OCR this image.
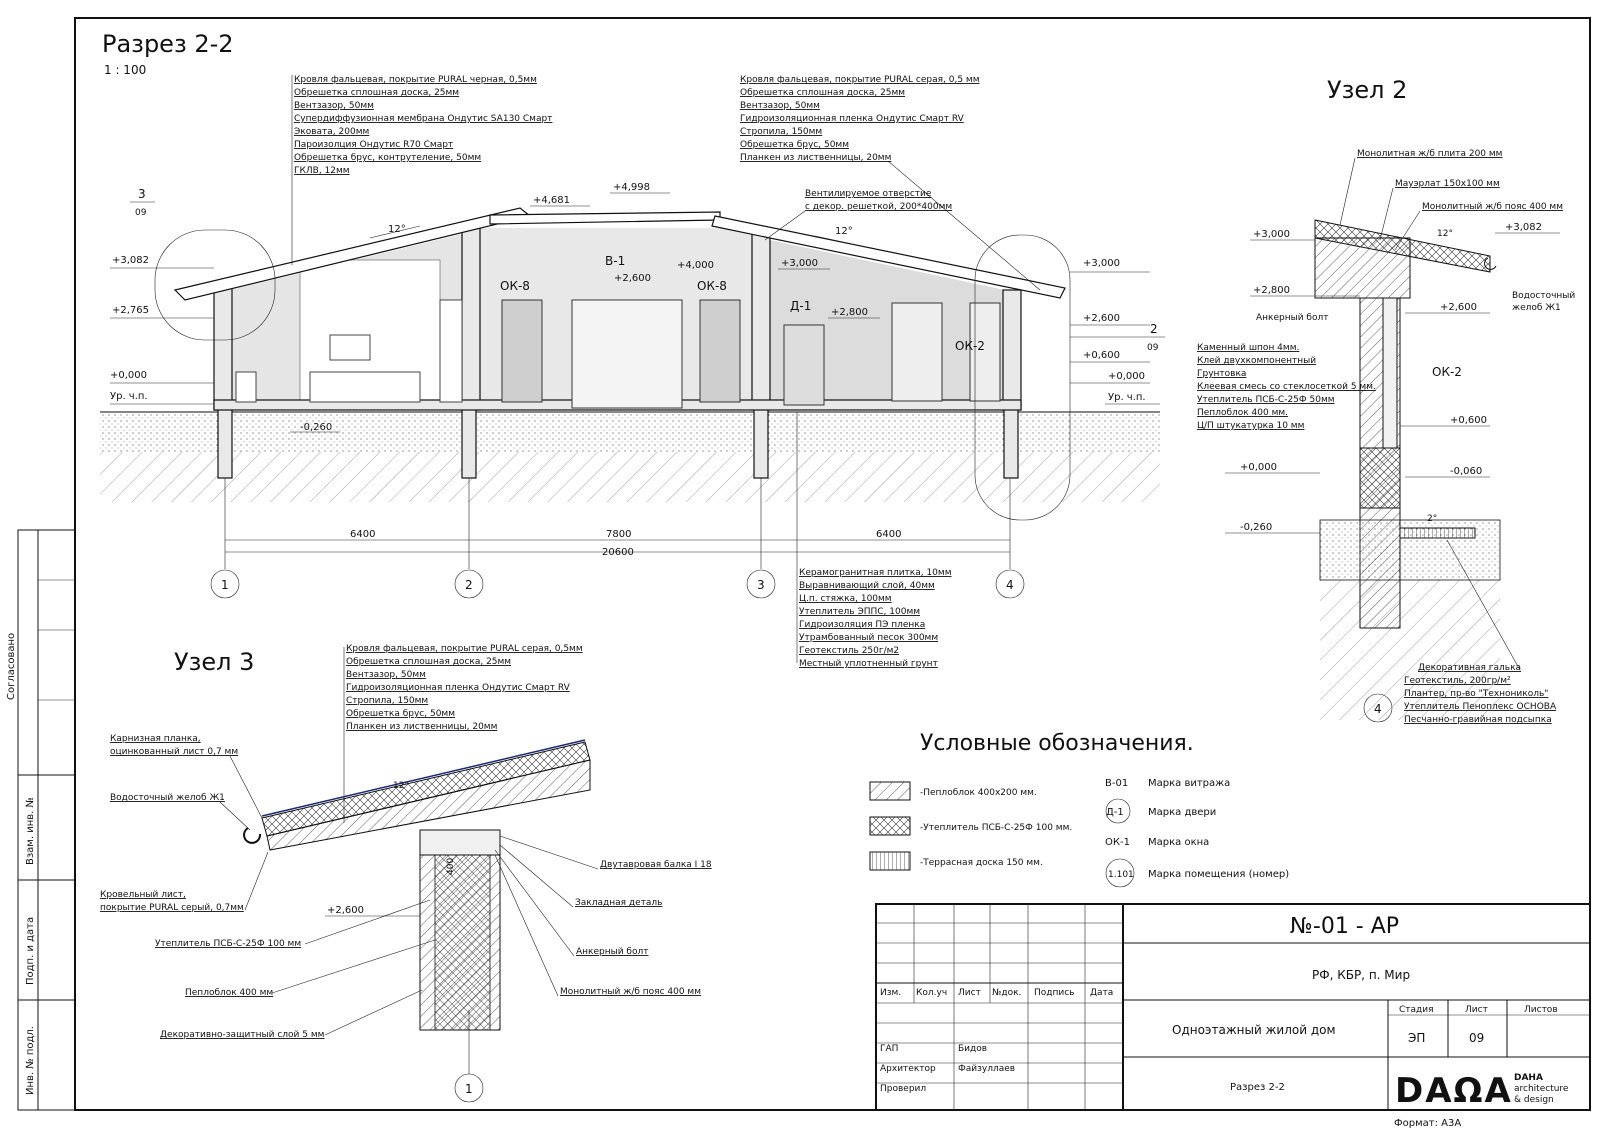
Согласовано
Взам. инв. №
Подп. и дата
Инв. № подл.
Разрез 2-2
1 : 100
ОК-8	ОК-8
В-1
Д-1
ОК-2
12°	12°
+3,082
+2,765
+0,000
Ур. ч.п.
-0,260
+4,681
+4,998
+4,000
+2,600
+3,000
+2,800
+3,000
+2,600
+0,600
+0,000
Ур. ч.п.
3
09
2
09
Кровля фальцевая, покрытие PURAL черная, 0,5мм
Обрешетка сплошная доска, 25мм
Вентзазор, 50мм
Супердиффузионная мембрана Ондутис SA130 Смарт
Эковата, 200мм
Пароизолция Ондутис R70 Смарт
Обрешетка брус, контрутеление, 50мм
ГКЛВ, 12мм
Кровля фальцевая, покрытие PURAL серая, 0,5 мм
Обрешетка сплошная доска, 25мм
Вентзазор, 50мм
Гидроизоляционная пленка Ондутис Смарт RV
Стропила, 150мм
Обрешетка брус, 50мм
Планкен из лиственницы, 20мм
Вентилируемое отверстие
с декор. решеткой, 200*400мм
6400	7800	6400
20600
1	2	3	4
Керамогранитная плитка, 10мм
Выравнивающий слой, 40мм
Ц.п. стяжка, 100мм
Утеплитель ЭППС, 100мм
Гидроизоляция ПЭ пленка
Утрамбованный песок 300мм
Геотекстиль 250г/м2
Местный уплотненный грунт
Узел 2
Монолитная ж/б плита 200 мм
Мауэрлат 150х100 мм
Монолитный ж/б пояс 400 мм
12°
+3,000
+3,082
+2,800
+2,600
Анкерный болт
Водосточный
желоб Ж1
Каменный шпон 4мм.
Клей двухкомпонентный
Грунтовка
Клеевая смесь со стеклосеткой 5 мм.
Утеплитель ПСБ-С-25Ф 50мм
Пеплоблок 400 мм.
Ц/П штукатурка 10 мм
ОК-2
+0,600
+0,000	-0,060
-0,260
2°
Декоративная галька
Геотекстиль, 200гр/м²
Плантер, пр-во "Технониколь"
Утеплитель Пеноплекс ОСНОВА
Песчанно-гравийная подсыпка
4
Узел 3	Кровля фальцевая, покрытие PURAL серая, 0,5мм
Обрешетка сплошная доска, 25мм
Вентзазор, 50мм
Гидроизоляционная пленка Ондутис Смарт RV
Стропила, 150мм
Обрешетка брус, 50мм
Планкен из лиственницы, 20мм
1
12°
400
Карнизная планка,
оцинкованный лист 0,7 мм
Водосточный желоб Ж1
Кровельный лист,
покрытие PURAL серый, 0,7мм	+2,600
Утеплитель ПСБ-С-25Ф 100 мм
Пеплоблок 400 мм
Декоративно-защитный слой 5 мм
Двутавровая балка I 18
Закладная деталь
Анкерный болт
Монолитный ж/б пояс 400 мм
Условные обозначения.
-Пеплоблок 400х200 мм.
-Утеплитель ПСБ-С-25Ф 100 мм.
-Террасная доска 150 мм.
В-01 Марка витража
Д-1 Марка двери
ОК-1 Марка окна
1.101 Марка помещения (номер)
Изм. Кол.уч Лист №док. Подпись Дата
ГАП	Бидов
Архитектор Файзуллаев
Проверил
№-01 - АР
РФ, КБР, п. Мир
Одноэтажный жилой дом
Разрез 2-2
Стадия	Лист	Листов
ЭП	09
DAΩA DAHA
architecture
& design
Формат: А3А
